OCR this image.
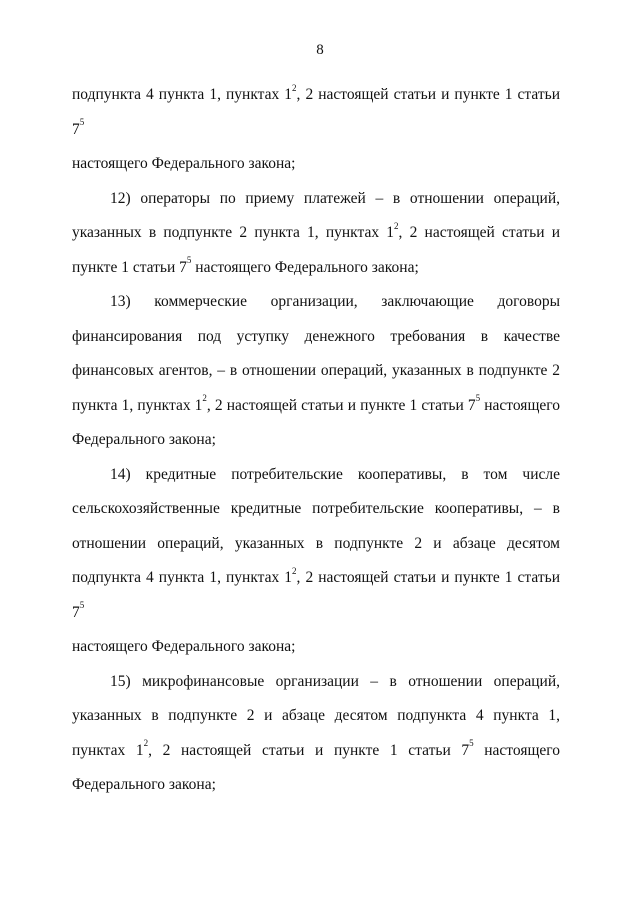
8
подпункта 4 пункта 1, пунктах $1^2$, 2 настоящей статьи и пункте 1 статьи $7^5$
настоящего Федерального закона;
12) операторы по приему платежей – в отношении операций,
указанных в подпункте 2 пункта 1, пунктах $1^2$, 2 настоящей статьи и
пункте 1 статьи $7^5$ настоящего Федерального закона;
13) коммерческие организации, заключающие договоры
финансирования под уступку денежного требования в качестве
финансовых агентов, – в отношении операций, указанных в подпункте 2
пункта 1, пунктах $1^2$, 2 настоящей статьи и пункте 1 статьи $7^5$ настоящего
Федерального закона;
14) кредитные потребительские кооперативы, в том числе
сельскохозяйственные кредитные потребительские кооперативы, – в
отношении операций, указанных в подпункте 2 и абзаце десятом
подпункта 4 пункта 1, пунктах $1^2$, 2 настоящей статьи и пункте 1 статьи $7^5$
настоящего Федерального закона;
15) микрофинансовые организации – в отношении операций,
указанных в подпункте 2 и абзаце десятом подпункта 4 пункта 1,
пунктах $1^2$, 2 настоящей статьи и пункте 1 статьи $7^5$ настоящего
Федерального закона;
